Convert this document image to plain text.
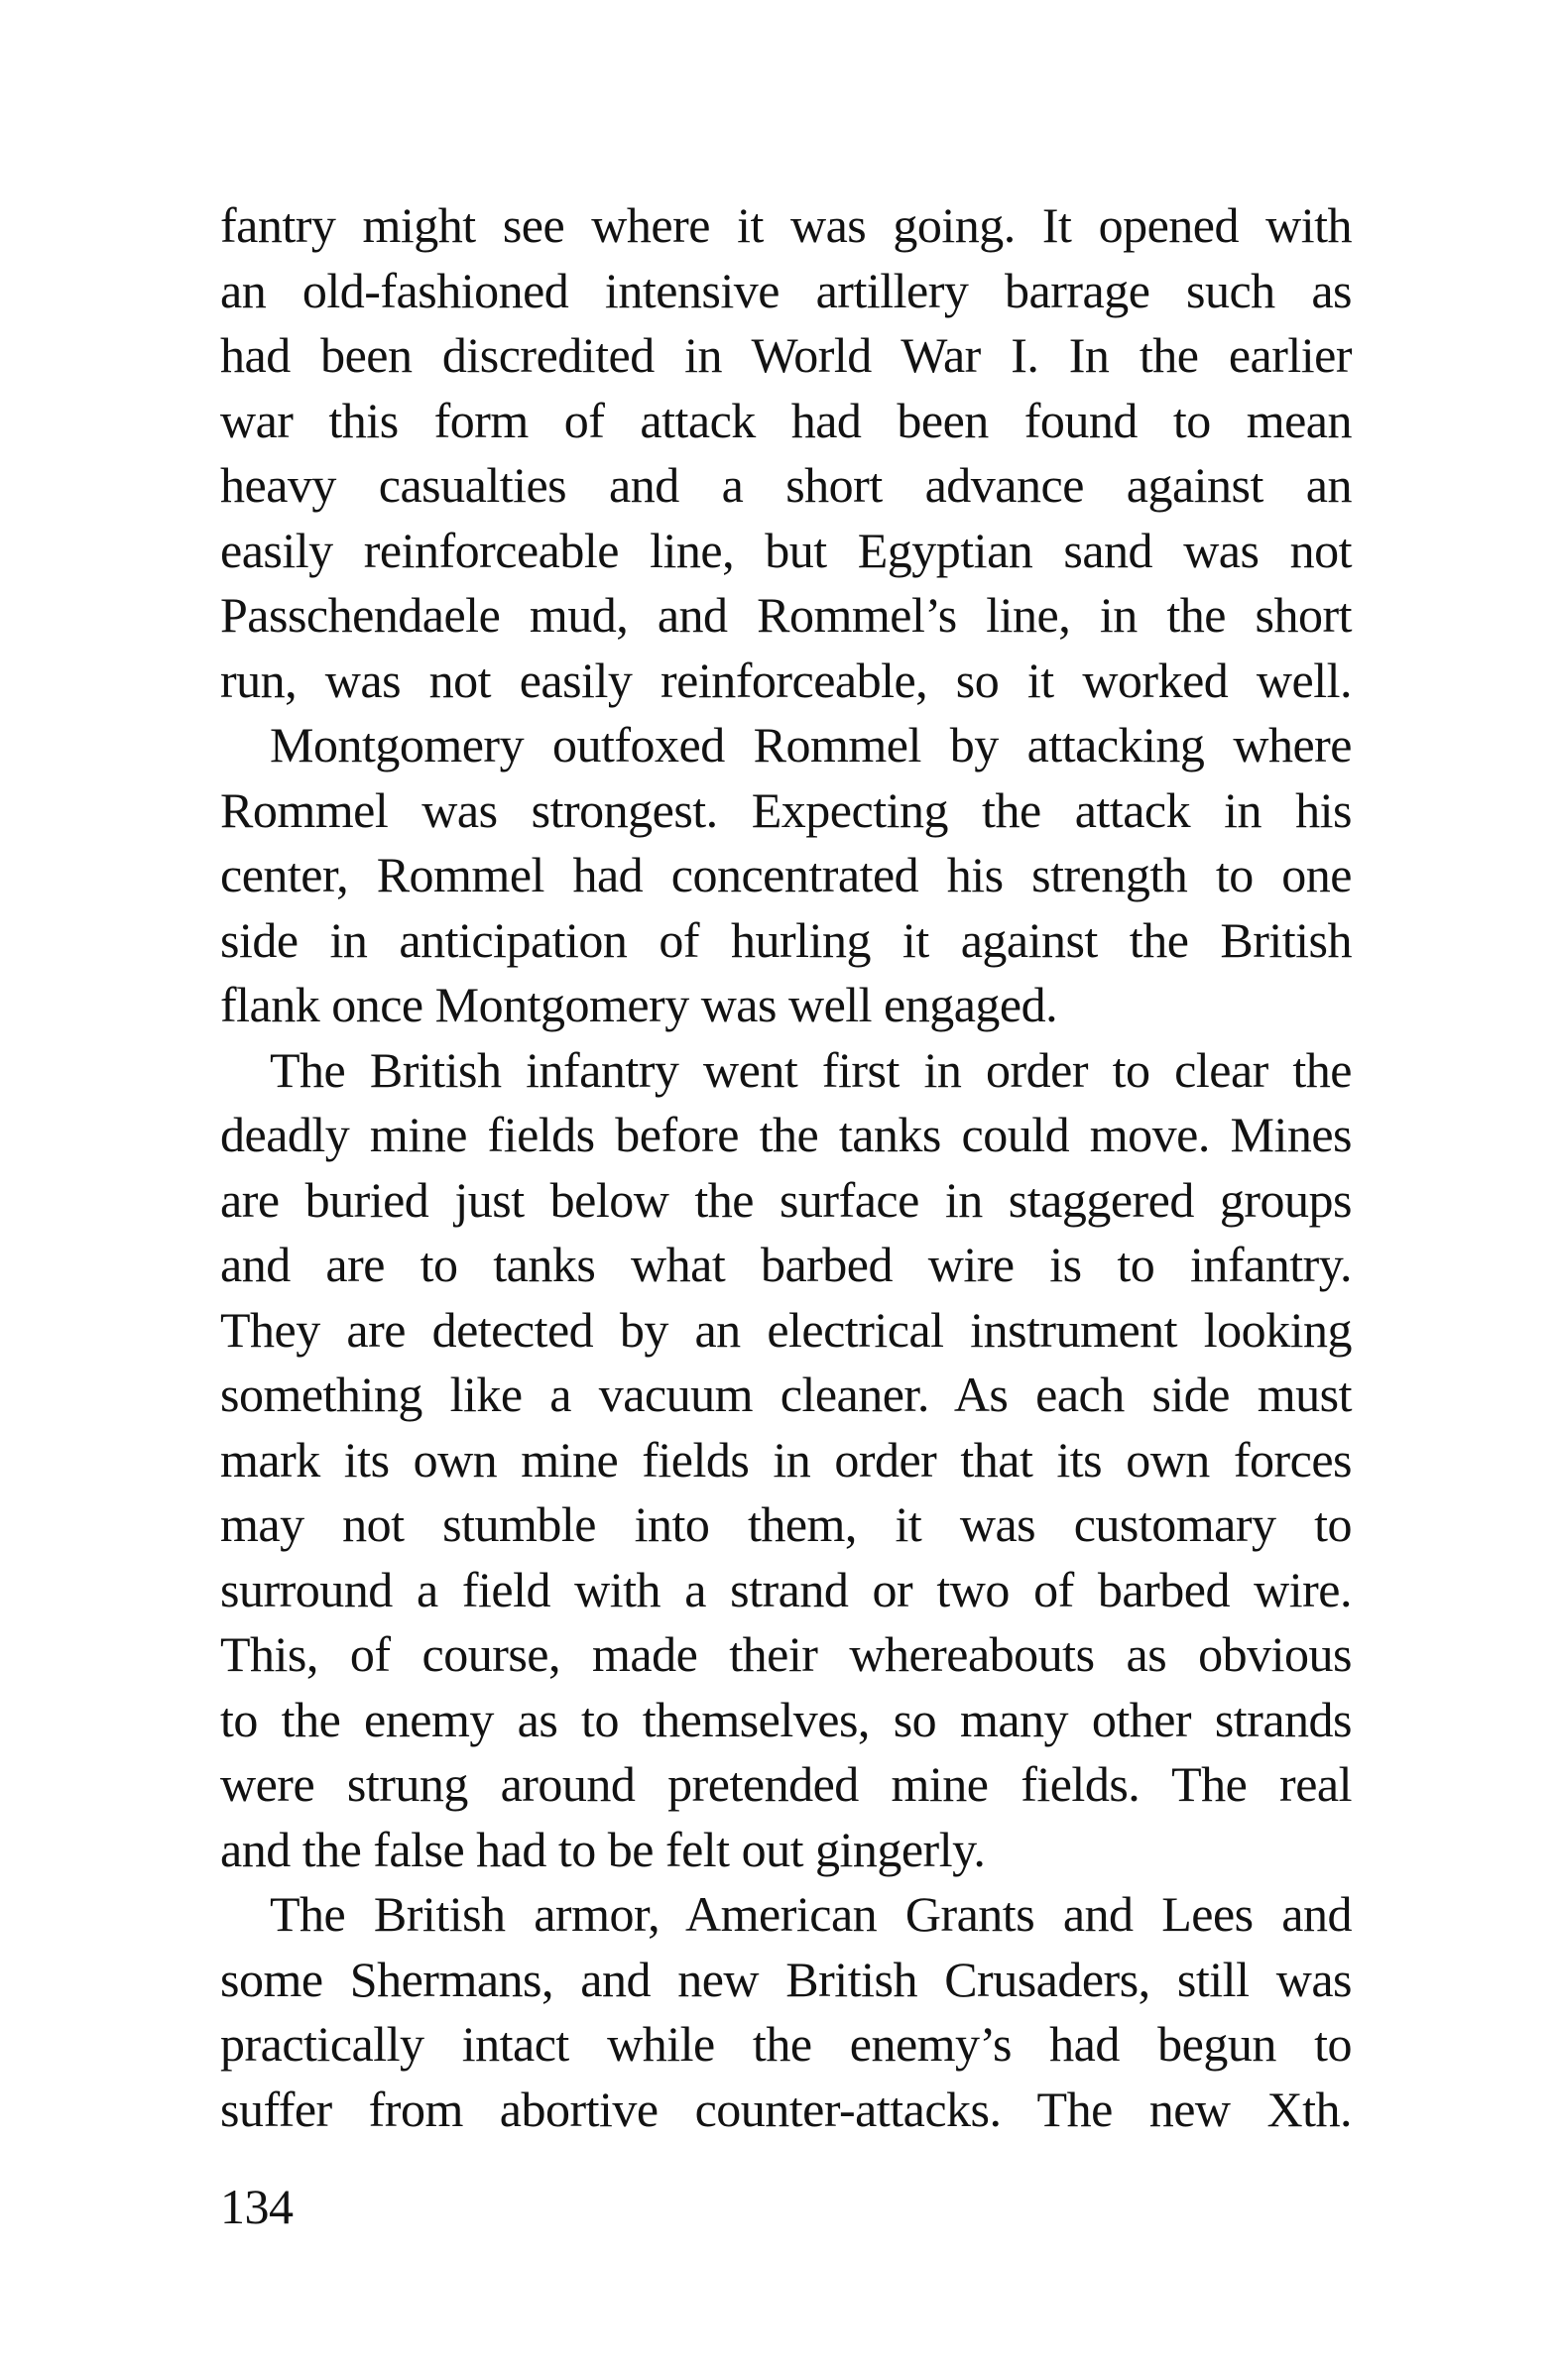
fantry might see where it was going. It opened with
an old-fashioned intensive artillery barrage such as
had been discredited in World War I. In the earlier
war this form of attack had been found to mean
heavy casualties and a short advance against an
easily reinforceable line, but Egyptian sand was not
Passchendaele mud, and Rommel’s line, in the short
run, was not easily reinforceable, so it worked well.
Montgomery outfoxed Rommel by attacking where
Rommel was strongest. Expecting the attack in his
center, Rommel had concentrated his strength to one
side in anticipation of hurling it against the British
flank once Montgomery was well engaged.
The British infantry went first in order to clear the
deadly mine fields before the tanks could move. Mines
are buried just below the surface in staggered groups
and are to tanks what barbed wire is to infantry.
They are detected by an electrical instrument looking
something like a vacuum cleaner. As each side must
mark its own mine fields in order that its own forces
may not stumble into them, it was customary to
surround a field with a strand or two of barbed wire.
This, of course, made their whereabouts as obvious
to the enemy as to themselves, so many other strands
were strung around pretended mine fields. The real
and the false had to be felt out gingerly.
The British armor, American Grants and Lees and
some Shermans, and new British Crusaders, still was
practically intact while the enemy’s had begun to
suffer from abortive counter-attacks. The new Xth.
134
